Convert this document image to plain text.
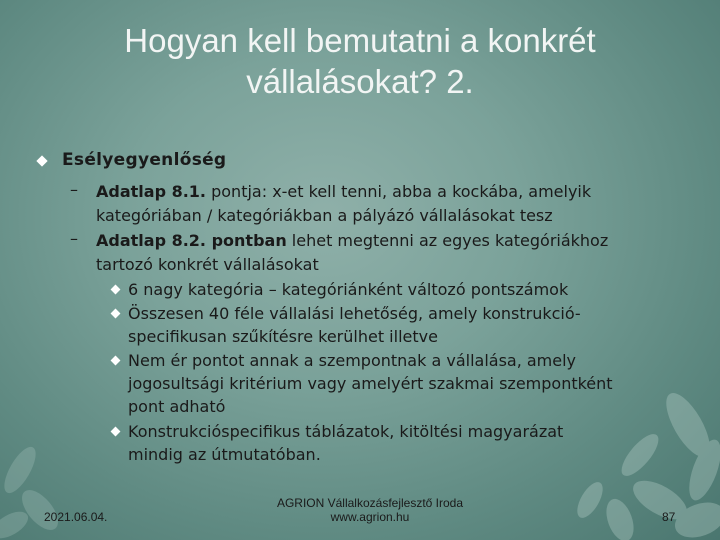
Hogyan kell bemutatni a konkrét
vállalásokat? 2.
Esélyegyenlőség
– Adatlap 8.1. pontja: x-et kell tenni, abba a kockába, amelyik
kategóriában / kategóriákban a pályázó vállalásokat tesz
– Adatlap 8.2. pontban lehet megtenni az egyes kategóriákhoz
tartozó konkrét vállalásokat
6 nagy kategória – kategóriánként változó pontszámok
Összesen 40 féle vállalási lehetőség, amely konstrukció-
specifikusan szűkítésre kerülhet illetve
Nem ér pontot annak a szempontnak a vállalása, amely
jogosultsági kritérium vagy amelyért szakmai szempontként
pont adható
Konstrukcióspecifikus táblázatok, kitöltési magyarázat
mindig az útmutatóban.
2021.06.04.
AGRION Vállalkozásfejlesztő Iroda
www.agrion.hu	87
